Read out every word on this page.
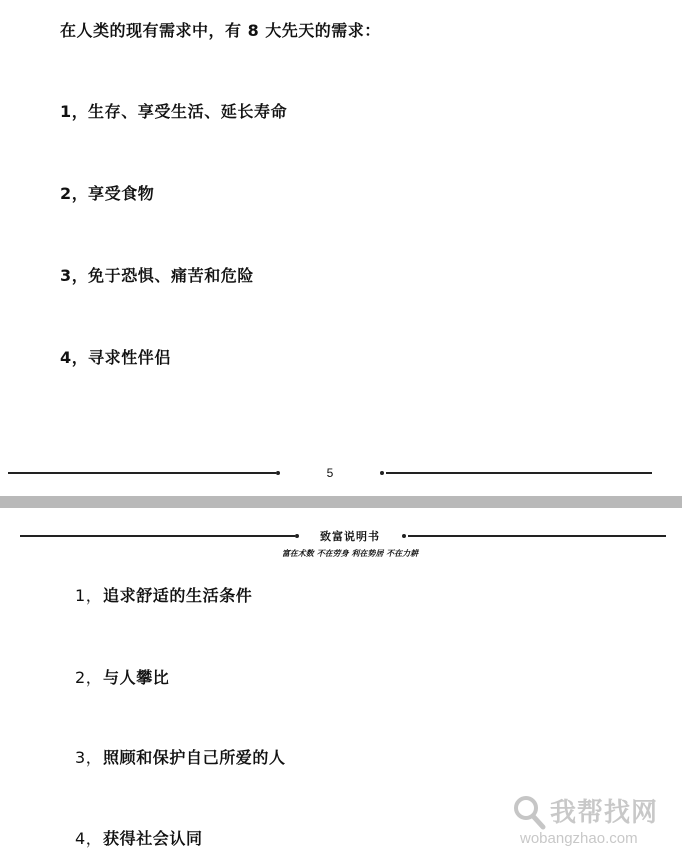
在人类的现有需求中，有 8 大先天的需求：
1，生存、享受生活、延长寿命
2，享受食物
3，免于恐惧、痛苦和危险
4，寻求性伴侣
5
致富说明书
富在术数 不在劳身 利在势居 不在力耕
1，追求舒适的生活条件
2，与人攀比
3，照顾和保护自己所爱的人
4，获得社会认同
我帮找网
wobangzhao.com
